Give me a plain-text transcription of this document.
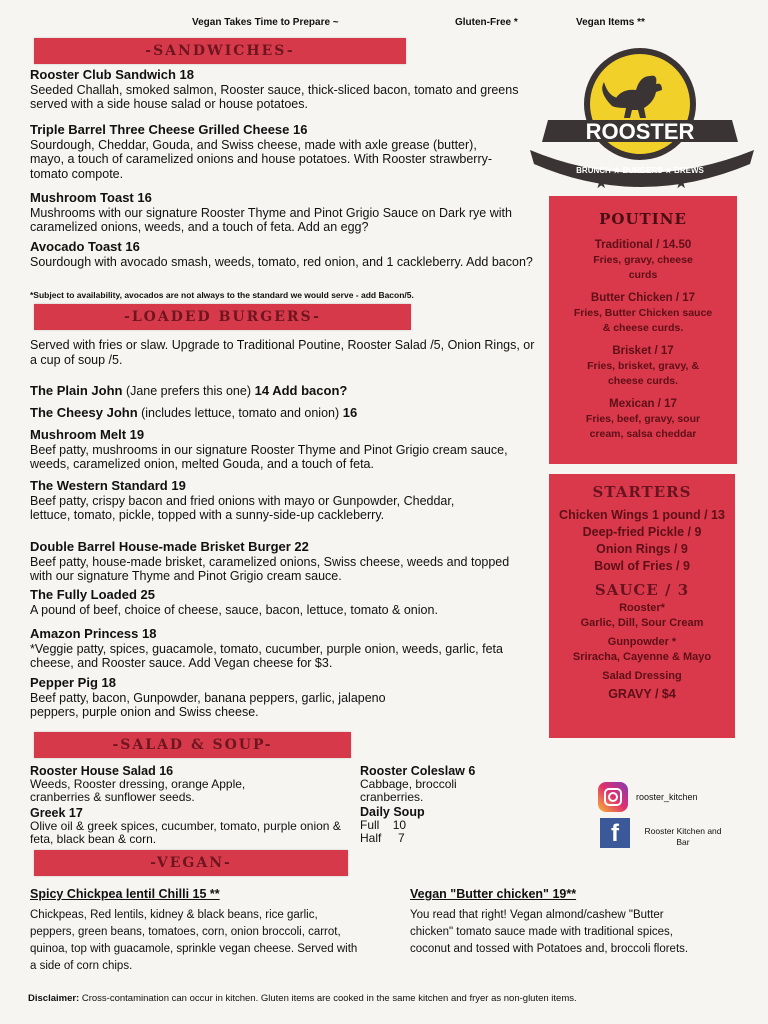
Vegan Takes Time to Prepare ~	Gluten-Free *	Vegan Items **
-SANDWICHES-
Rooster Club Sandwich 18
Seeded Challah, smoked salmon, Rooster sauce, thick-sliced bacon, tomato and greens served with a side house salad or house potatoes.
Triple Barrel Three Cheese Grilled Cheese 16
Sourdough, Cheddar, Gouda, and Swiss cheese, made with axle grease (butter), mayo, a touch of caramelized onions and house potatoes. With Rooster strawberry-tomato compote.
Mushroom Toast 16
Mushrooms with our signature Rooster Thyme and Pinot Grigio Sauce on Dark rye with caramelized onions, weeds, and a touch of feta. Add an egg?
Avocado Toast 16
Sourdough with avocado smash, weeds, tomato, red onion, and 1 cackleberry. Add bacon?
*Subject to availability, avocados are not always to the standard we would serve - add Bacon/5.
-LOADED BURGERS-
Served with fries or slaw. Upgrade to Traditional Poutine, Rooster Salad /5, Onion Rings, or a cup of soup /5.
The Plain John (Jane prefers this one) 14 Add bacon?
The Cheesy John (includes lettuce, tomato and onion) 16
Mushroom Melt 19
Beef patty, mushrooms in our signature Rooster Thyme and Pinot Grigio cream sauce, weeds, caramelized onion, melted Gouda, and a touch of feta.
The Western Standard 19
Beef patty, crispy bacon and fried onions with mayo or Gunpowder, Cheddar, lettuce, tomato, pickle, topped with a sunny-side-up cackleberry.
Double Barrel House-made Brisket Burger 22
Beef patty, house-made brisket, caramelized onions, Swiss cheese, weeds and topped with our signature Thyme and Pinot Grigio cream sauce.
The Fully Loaded 25
A pound of beef, choice of cheese, sauce, bacon, lettuce, tomato & onion.
Amazon Princess 18
*Veggie patty, spices, guacamole, tomato, cucumber, purple onion, weeds, garlic, feta cheese, and Rooster sauce. Add Vegan cheese for $3.
Pepper Pig 18
Beef patty, bacon, Gunpowder, banana peppers, garlic, jalapeno peppers, purple onion and Swiss cheese.
-SALAD & SOUP-
Rooster House Salad 16
Weeds, Rooster dressing, orange Apple, cranberries & sunflower seeds.
Greek 17
Olive oil & greek spices, cucumber, tomato, purple onion & feta, black bean & corn.
Rooster Coleslaw 6
Cabbage, broccoli cranberries.
Daily Soup
Full 10
Half 7
-VEGAN-
Spicy Chickpea lentil Chilli 15 **
Chickpeas, Red lentils, kidney & black beans, rice garlic, peppers, green beans, tomatoes, corn, onion broccoli, carrot, quinoa, top with guacamole, sprinkle vegan cheese. Served with a side of corn chips.
Vegan "Butter chicken" 19**
You read that right! Vegan almond/cashew "Butter chicken" tomato sauce made with traditional spices, coconut and tossed with Potatoes and, broccoli florets.
ROOSTER
BRUNCH ★ BURGERS ★ BREWS
★ ★ ★ ★
POUTINE
Traditional / 14.50
Fries, gravy, cheese curds
Butter Chicken / 17
Fries, Butter Chicken sauce & cheese curds.
Brisket / 17
Fries, brisket, gravy, & cheese curds.
Mexican / 17
Fries, beef, gravy, sour cream, salsa cheddar
STARTERS
Chicken Wings 1 pound / 13
Deep-fried Pickle / 9
Onion Rings / 9
Bowl of Fries / 9
SAUCE / 3
Rooster*
Garlic, Dill, Sour Cream
Gunpowder *
Sriracha, Cayenne & Mayo
Salad Dressing
GRAVY / $4
rooster_kitchen
f	Rooster Kitchen and Bar
Disclaimer: Cross-contamination can occur in kitchen. Gluten items are cooked in the same kitchen and fryer as non-gluten items.
